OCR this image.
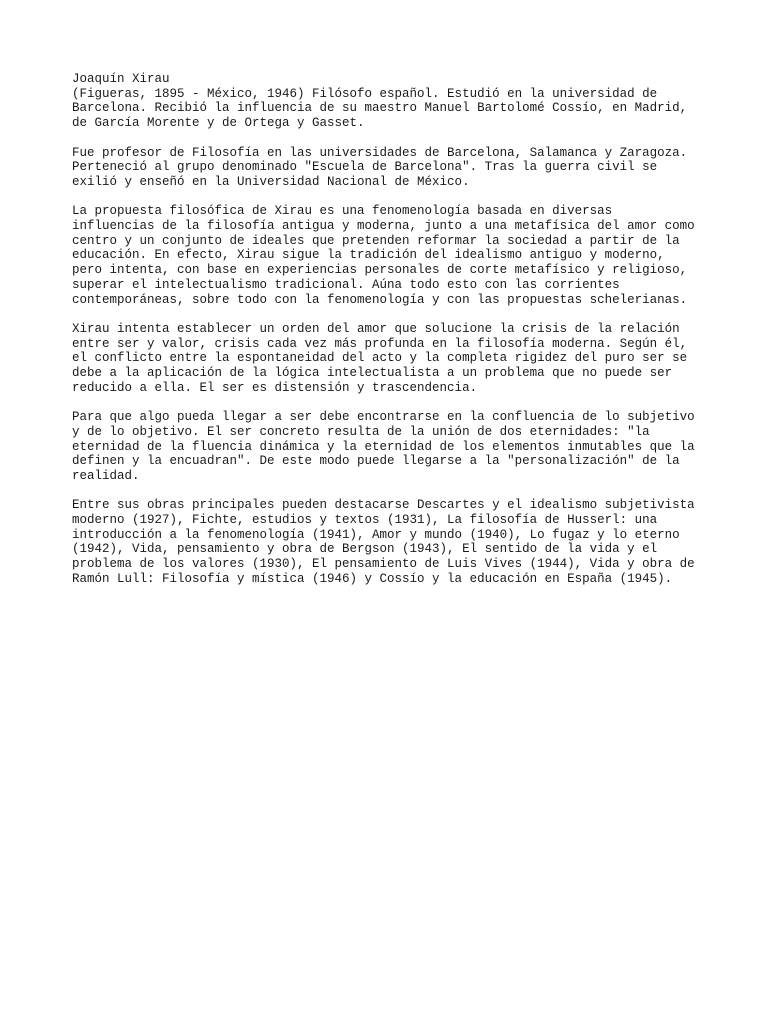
Joaquín Xirau
(Figueras, 1895 - México, 1946) Filósofo español. Estudió en la universidad de
Barcelona. Recibió la influencia de su maestro Manuel Bartolomé Cossío, en Madrid,
de García Morente y de Ortega y Gasset.
Fue profesor de Filosofía en las universidades de Barcelona, Salamanca y Zaragoza.
Perteneció al grupo denominado "Escuela de Barcelona". Tras la guerra civil se
exilió y enseñó en la Universidad Nacional de México.
La propuesta filosófica de Xirau es una fenomenología basada en diversas
influencias de la filosofía antigua y moderna, junto a una metafísica del amor como
centro y un conjunto de ideales que pretenden reformar la sociedad a partir de la
educación. En efecto, Xirau sigue la tradición del idealismo antiguo y moderno,
pero intenta, con base en experiencias personales de corte metafísico y religioso,
superar el intelectualismo tradicional. Aúna todo esto con las corrientes
contemporáneas, sobre todo con la fenomenología y con las propuestas schelerianas.
Xirau intenta establecer un orden del amor que solucione la crisis de la relación
entre ser y valor, crisis cada vez más profunda en la filosofía moderna. Según él,
el conflicto entre la espontaneidad del acto y la completa rigidez del puro ser se
debe a la aplicación de la lógica intelectualista a un problema que no puede ser
reducido a ella. El ser es distensión y trascendencia.
Para que algo pueda llegar a ser debe encontrarse en la confluencia de lo subjetivo
y de lo objetivo. El ser concreto resulta de la unión de dos eternidades: "la
eternidad de la fluencia dinámica y la eternidad de los elementos inmutables que la
definen y la encuadran". De este modo puede llegarse a la "personalización" de la
realidad.
Entre sus obras principales pueden destacarse Descartes y el idealismo subjetivista
moderno (1927), Fichte, estudios y textos (1931), La filosofía de Husserl: una
introducción a la fenomenología (1941), Amor y mundo (1940), Lo fugaz y lo eterno
(1942), Vida, pensamiento y obra de Bergson (1943), El sentido de la vida y el
problema de los valores (1930), El pensamiento de Luis Vives (1944), Vida y obra de
Ramón Lull: Filosofía y mística (1946) y Cossío y la educación en España (1945).
